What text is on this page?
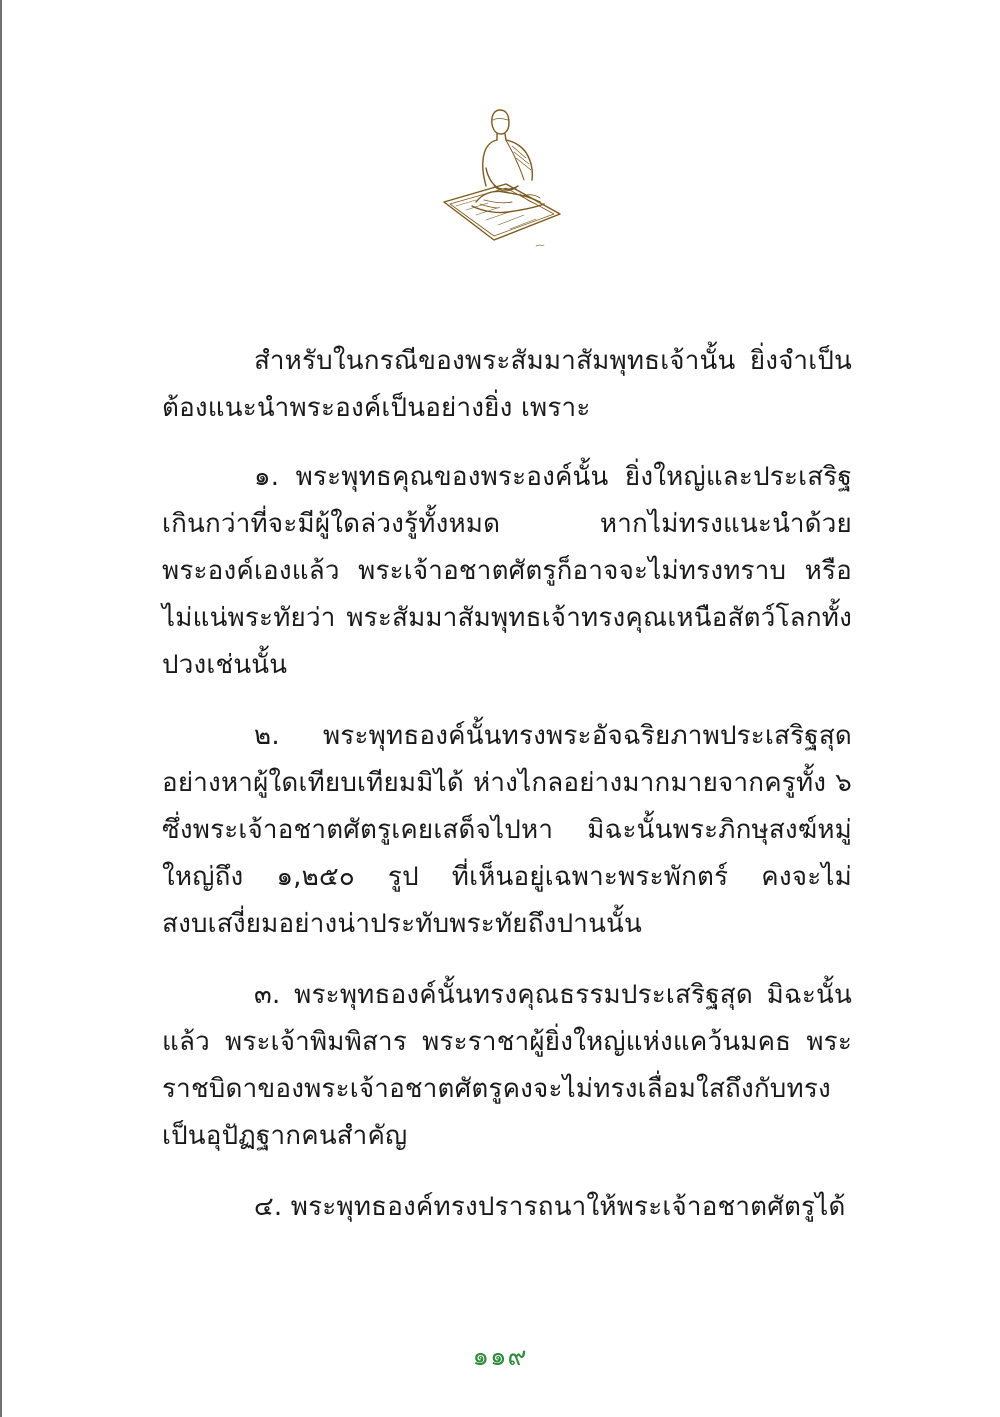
สำหรับในกรณีของพระสัมมาสัมพุทธเจ้านั้น ยิ่งจำเป็นต้องแนะนำพระองค์เป็นอย่างยิ่ง เพราะ

๑. พระพุทธคุณของพระองค์นั้น ยิ่งใหญ่และประเสริฐเกินกว่าที่จะมีผู้ใดล่วงรู้ทั้งหมด หากไม่ทรงแนะนำด้วยพระองค์เองแล้ว พระเจ้าอชาตศัตรูก็อาจจะไม่ทรงทราบ หรือไม่แน่พระทัยว่า พระสัมมาสัมพุทธเจ้าทรงคุณเหนือสัตว์โลกทั้งปวงเช่นนั้น

๒. พระพุทธองค์นั้นทรงพระอัจฉริยภาพประเสริฐสุดอย่างหาผู้ใดเทียบเทียมมิได้ ห่างไกลอย่างมากมายจากครูทั้ง ๖ ซึ่งพระเจ้าอชาตศัตรูเคยเสด็จไปหา มิฉะนั้นพระภิกษุสงฆ์หมู่ใหญ่ถึง ๑,๒๕๐ รูป ที่เห็นอยู่เฉพาะพระพักตร์ คงจะไม่สงบเสงี่ยมอย่างน่าประทับพระทัยถึงปานนั้น

๓. พระพุทธองค์นั้นทรงคุณธรรมประเสริฐสุด มิฉะนั้นแล้ว พระเจ้าพิมพิสาร พระราชาผู้ยิ่งใหญ่แห่งแคว้นมคธ พระราชบิดาของพระเจ้าอชาตศัตรูคงจะไม่ทรงเลื่อมใสถึงกับทรงเป็นอุปัฏฐากคนสำคัญ

๔. พระพุทธองค์ทรงปรารถนาให้พระเจ้าอชาตศัตรูได้

๑๑๙
